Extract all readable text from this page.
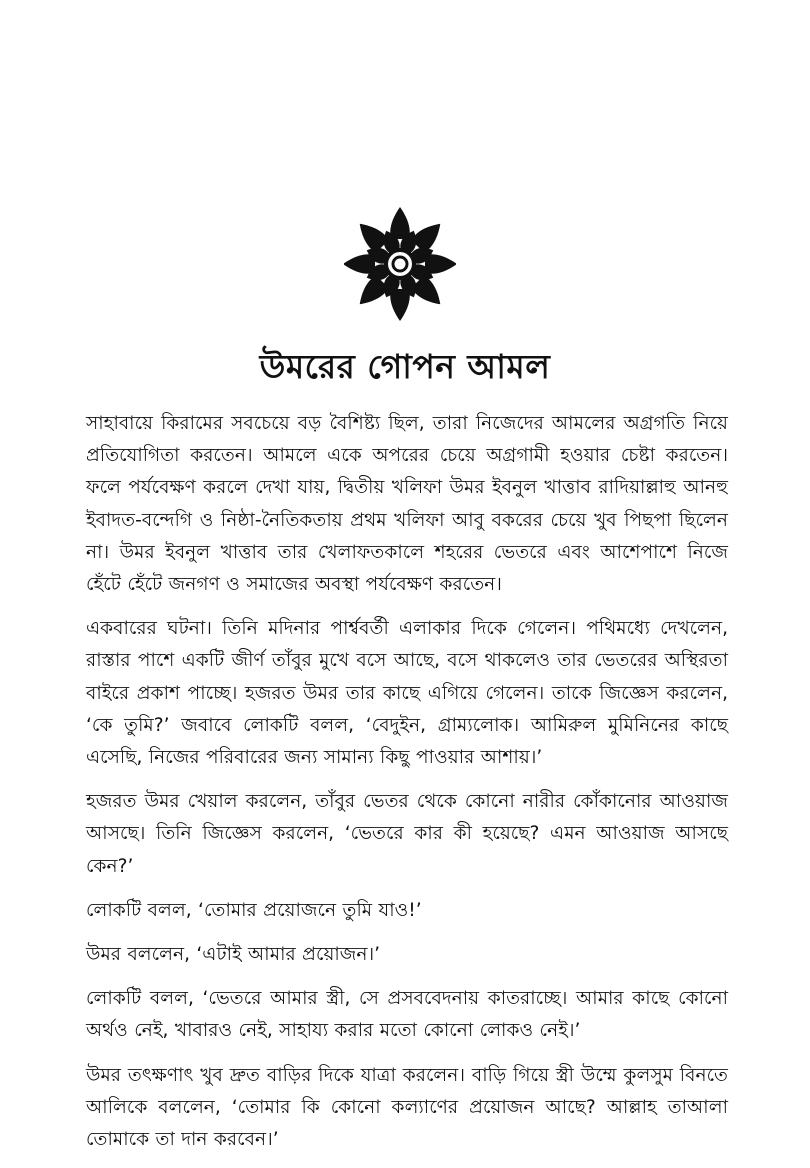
উমরের গোপন আমল

সাহাবায়ে কিরামের সবচেয়ে বড় বৈশিষ্ট্য ছিল, তারা নিজেদের আমলের অগ্রগতি নিয়ে প্রতিযোগিতা করতেন। আমলে একে অপরের চেয়ে অগ্রগামী হওয়ার চেষ্টা করতেন। ফলে পর্যবেক্ষণ করলে দেখা যায়, দ্বিতীয় খলিফা উমর ইবনুল খাত্তাব রাদিয়াল্লাহু আনহু ইবাদত-বন্দেগি ও নিষ্ঠা-নৈতিকতায় প্রথম খলিফা আবু বকরের চেয়ে খুব পিছপা ছিলেন না। উমর ইবনুল খাত্তাব তার খেলাফতকালে শহরের ভেতরে এবং আশেপাশে নিজে হেঁটে হেঁটে জনগণ ও সমাজের অবস্থা পর্যবেক্ষণ করতেন।

একবারের ঘটনা। তিনি মদিনার পার্শ্ববর্তী এলাকার দিকে গেলেন। পথিমধ্যে দেখলেন, রাস্তার পাশে একটি জীর্ণ তাঁবুর মুখে বসে আছে, বসে থাকলেও তার ভেতরের অস্থিরতা বাইরে প্রকাশ পাচ্ছে। হজরত উমর তার কাছে এগিয়ে গেলেন। তাকে জিজ্ঞেস করলেন, ‘কে তুমি?’ জবাবে লোকটি বলল, ‘বেদুইন, গ্রাম্যলোক। আমিরুল মুমিনিনের কাছে এসেছি, নিজের পরিবারের জন্য সামান্য কিছু পাওয়ার আশায়।’

হজরত উমর খেয়াল করলেন, তাঁবুর ভেতর থেকে কোনো নারীর কোঁকানোর আওয়াজ আসছে। তিনি জিজ্ঞেস করলেন, ‘ভেতরে কার কী হয়েছে? এমন আওয়াজ আসছে কেন?’

লোকটি বলল, ‘তোমার প্রয়োজনে তুমি যাও!’

উমর বললেন, ‘এটাই আমার প্রয়োজন।’

লোকটি বলল, ‘ভেতরে আমার স্ত্রী, সে প্রসববেদনায় কাতরাচ্ছে। আমার কাছে কোনো অর্থও নেই, খাবারও নেই, সাহায্য করার মতো কোনো লোকও নেই।’

উমর তৎক্ষণাৎ খুব দ্রুত বাড়ির দিকে যাত্রা করলেন। বাড়ি গিয়ে স্ত্রী উম্মে কুলসুম বিনতে আলিকে বললেন, ‘তোমার কি কোনো কল্যাণের প্রয়োজন আছে? আল্লাহ তাআলা তোমাকে তা দান করবেন।’
